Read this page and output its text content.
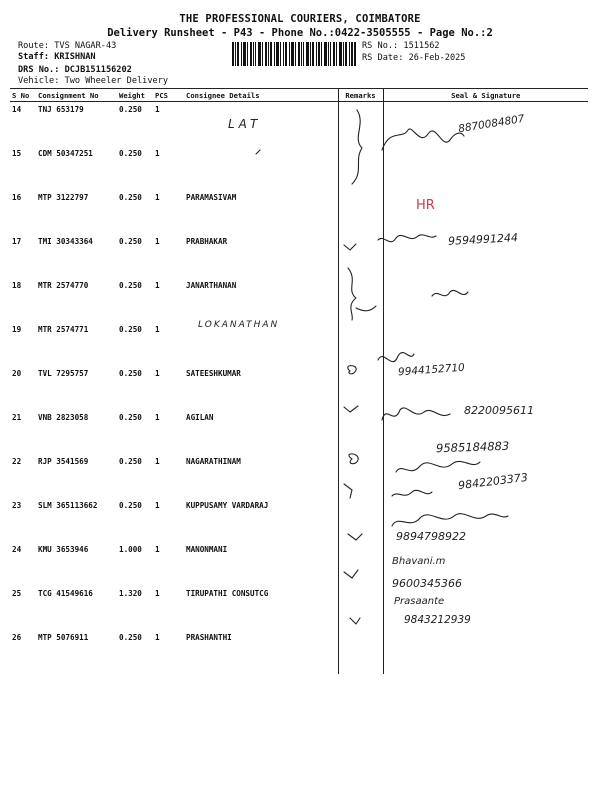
THE PROFESSIONAL COURIERS, COIMBATORE
Delivery Runsheet - P43 - Phone No.:0422-3505555 - Page No.:2
Route: TVS NAGAR-43
Staff: KRISHNAN
DRS No.: DCJB151156202
Vehicle: Two Wheeler Delivery
RS No.: 1511562
RS Date: 26-Feb-2025
S No	Consignment No	Weight	PCS	Consignee Details	Remarks	Seal & Signature
14	TNJ 653179	0.250	1			
15	CDM 50347251	0.250	1			
16	MTP 3122797	0.250	1	PARAMASIVAM		
17	TMI 30343364	0.250	1	PRABHAKAR		
18	MTR 2574770	0.250	1	JANARTHANAN		
19	MTR 2574771	0.250	1			
20	TVL 7295757	0.250	1	SATEESHKUMAR		
21	VNB 2823058	0.250	1	AGILAN		
22	RJP 3541569	0.250	1	NAGARATHINAM		
23	SLM 365113662	0.250	1	KUPPUSAMY VARDARAJ		
24	KMU 3653946	1.000	1	MANONMANI		
25	TCG 41549616	1.320	1	TIRUPATHI CONSUTCG		
26	MTP 5076911	0.250	1	PRASHANTHI		
LAT
LOKANATHAN
8870084807
HR
9594991244
9944152710
8220095611
9585184883
9842203373
9894798922
Bhavani.m
9600345366
Prasaante
9843212939
